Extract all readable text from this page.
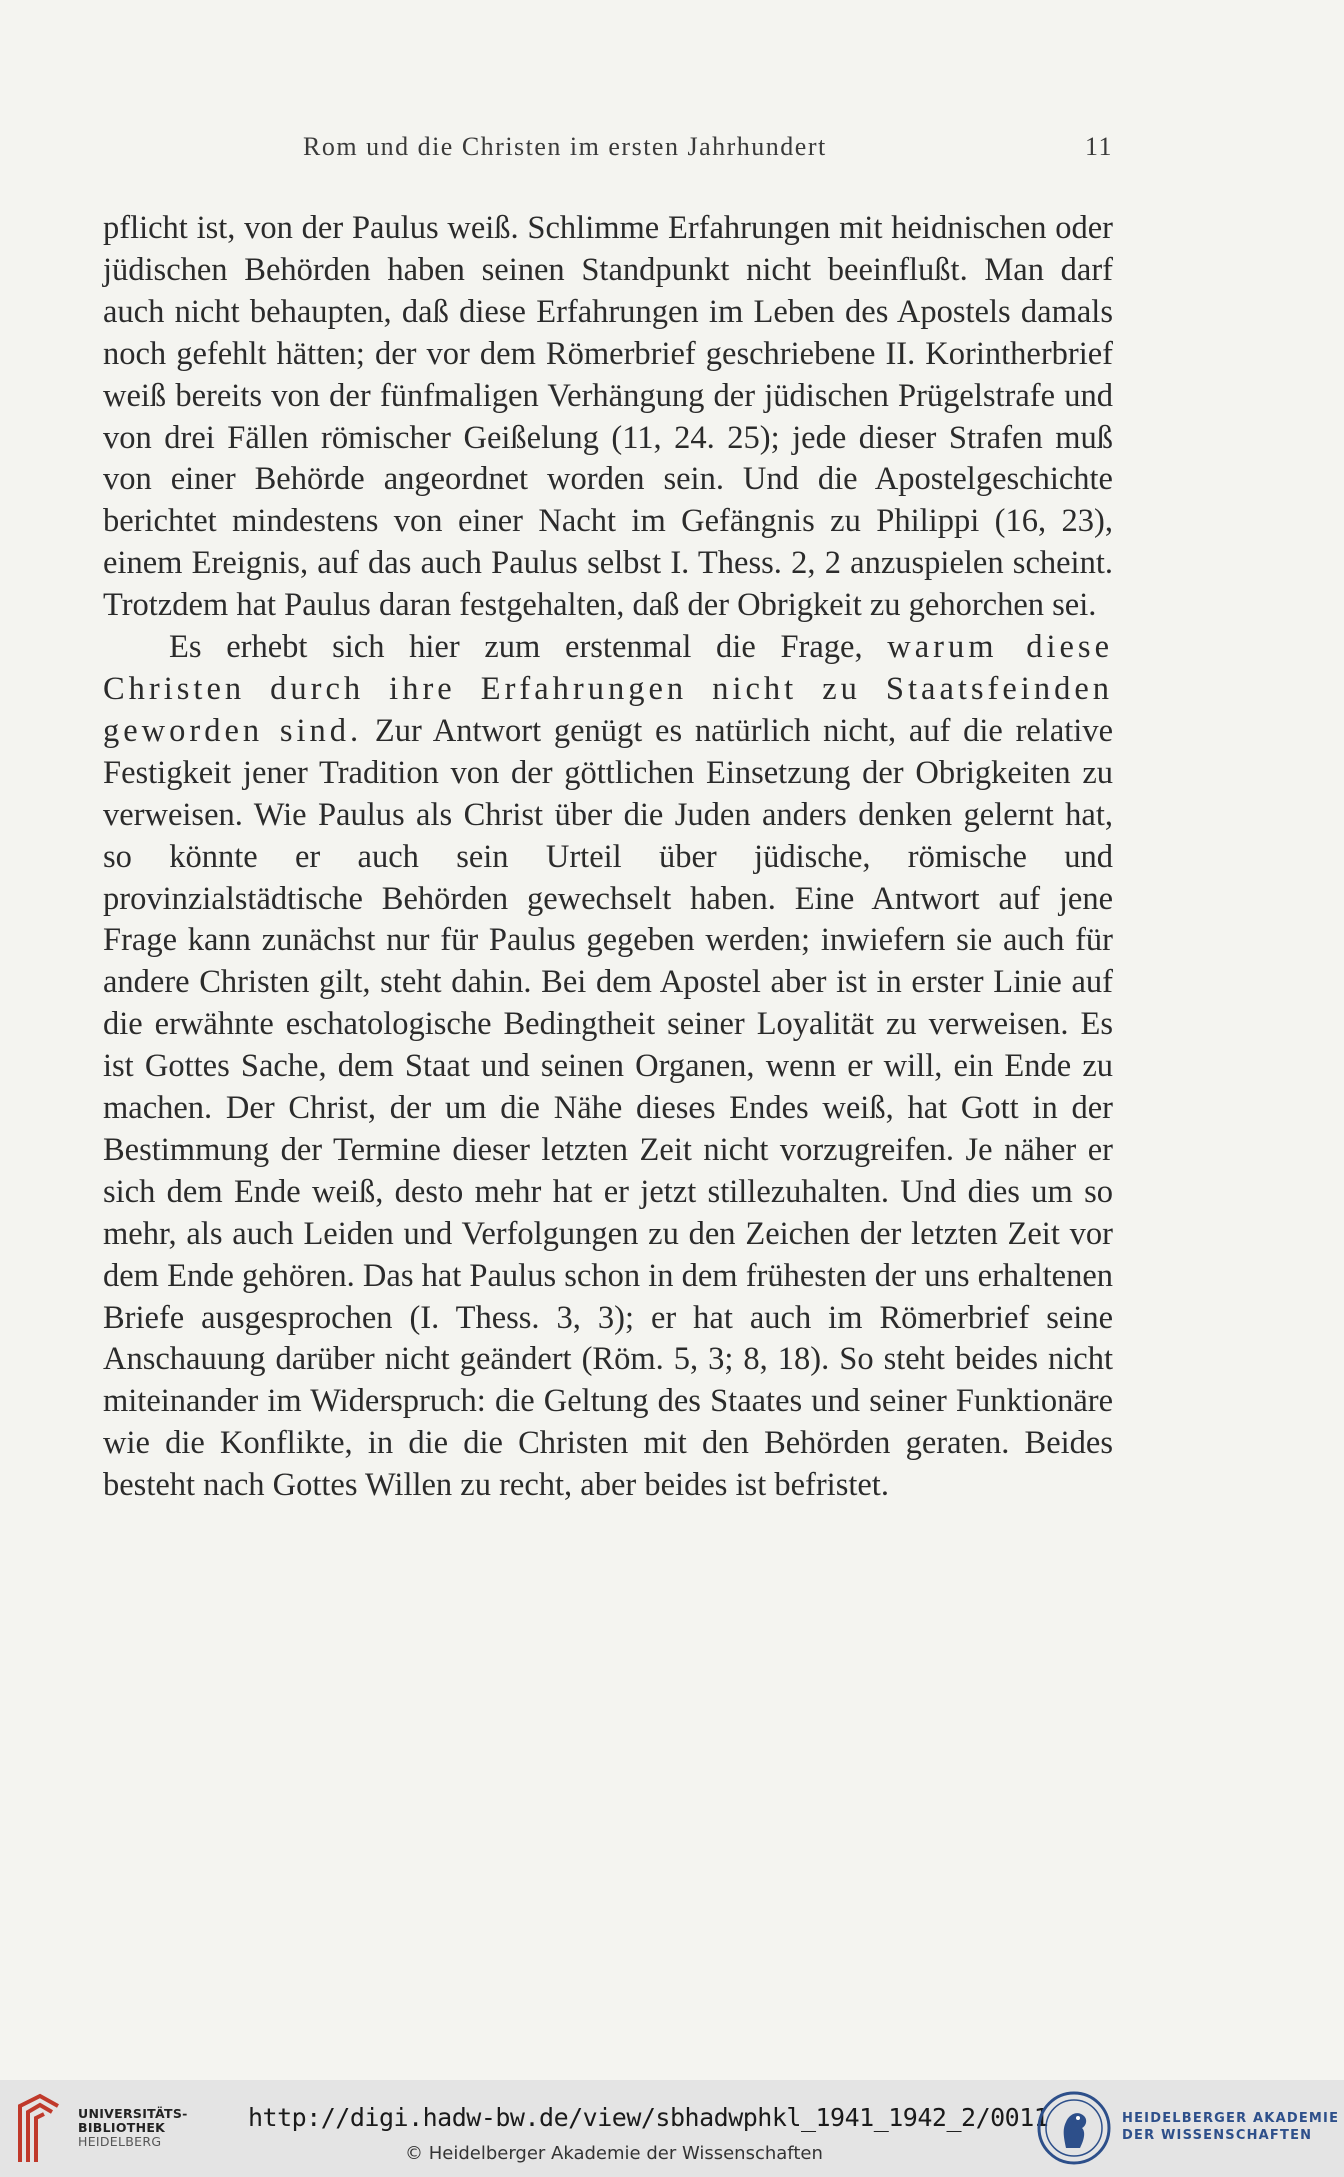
Rom und die Christen im ersten Jahrhundert	11

pflicht ist, von der Paulus weiß. Schlimme Erfahrungen mit heidnischen oder jüdischen Behörden haben seinen Standpunkt nicht beeinflußt. Man darf auch nicht behaupten, daß diese Erfahrungen im Leben des Apostels damals noch gefehlt hätten; der vor dem Römerbrief geschriebene II. Korintherbrief weiß bereits von der fünfmaligen Verhängung der jüdischen Prügelstrafe und von drei Fällen römischer Geißelung (11, 24. 25); jede dieser Strafen muß von einer Behörde angeordnet worden sein. Und die Apostelgeschichte berichtet mindestens von einer Nacht im Gefängnis zu Philippi (16, 23), einem Ereignis, auf das auch Paulus selbst I. Thess. 2, 2 anzuspielen scheint. Trotzdem hat Paulus daran festgehalten, daß der Obrigkeit zu gehorchen sei.

Es erhebt sich hier zum erstenmal die Frage, warum diese Christen durch ihre Erfahrungen nicht zu Staatsfeinden geworden sind. Zur Antwort genügt es natürlich nicht, auf die relative Festigkeit jener Tradition von der göttlichen Einsetzung der Obrigkeiten zu verweisen. Wie Paulus als Christ über die Juden anders denken gelernt hat, so könnte er auch sein Urteil über jüdische, römische und provinzialstädtische Behörden gewechselt haben. Eine Antwort auf jene Frage kann zunächst nur für Paulus gegeben werden; inwiefern sie auch für andere Christen gilt, steht dahin. Bei dem Apostel aber ist in erster Linie auf die erwähnte eschatologische Bedingtheit seiner Loyalität zu verweisen. Es ist Gottes Sache, dem Staat und seinen Organen, wenn er will, ein Ende zu machen. Der Christ, der um die Nähe dieses Endes weiß, hat Gott in der Bestimmung der Termine dieser letzten Zeit nicht vorzugreifen. Je näher er sich dem Ende weiß, desto mehr hat er jetzt stillezuhalten. Und dies um so mehr, als auch Leiden und Verfolgungen zu den Zeichen der letzten Zeit vor dem Ende gehören. Das hat Paulus schon in dem frühesten der uns erhaltenen Briefe ausgesprochen (I. Thess. 3, 3); er hat auch im Römerbrief seine Anschauung darüber nicht geändert (Röm. 5, 3; 8, 18). So steht beides nicht miteinander im Widerspruch: die Geltung des Staates und seiner Funktionäre wie die Konflikte, in die die Christen mit den Behörden geraten. Beides besteht nach Gottes Willen zu recht, aber beides ist befristet.

UNIVERSITÄTS-
BIBLIOTHEK
HEIDELBERG
http://digi.hadw-bw.de/view/sbhadwphkl_1941_1942_2/0011
© Heidelberger Akademie der Wissenschaften
HEIDELBERGER AKADEMIE
DER WISSENSCHAFTEN
